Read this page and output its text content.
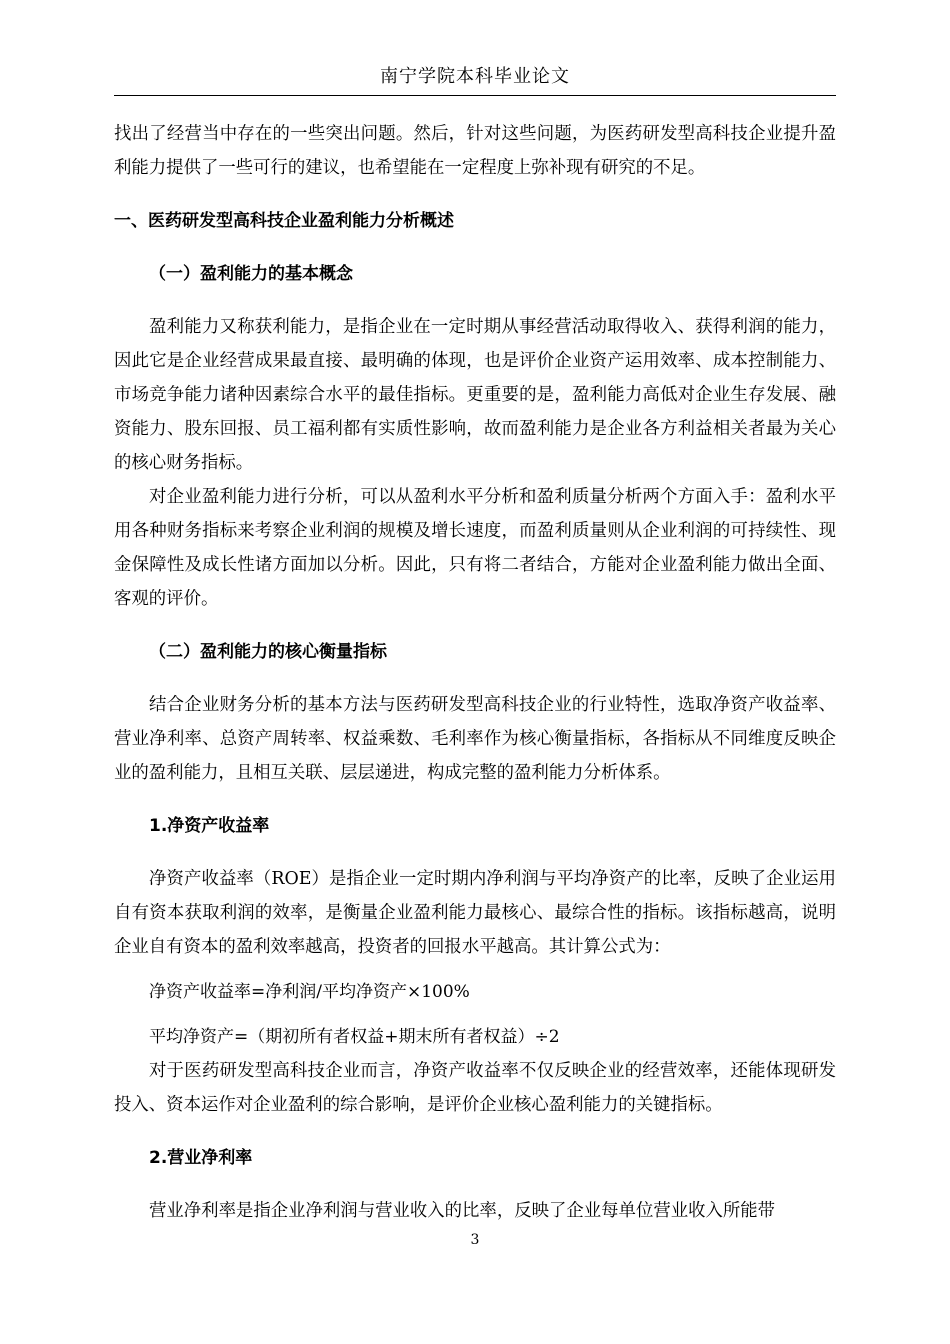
南宁学院本科毕业论文

找出了经营当中存在的一些突出问题。然后，针对这些问题，为医药研发型高科技企业提升盈利能力提供了一些可行的建议，也希望能在一定程度上弥补现有研究的不足。

一、医药研发型高科技企业盈利能力分析概述

（一）盈利能力的基本概念

盈利能力又称获利能力，是指企业在一定时期从事经营活动取得收入、获得利润的能力，因此它是企业经营成果最直接、最明确的体现，也是评价企业资产运用效率、成本控制能力、市场竞争能力诸种因素综合水平的最佳指标。更重要的是，盈利能力高低对企业生存发展、融资能力、股东回报、员工福利都有实质性影响，故而盈利能力是企业各方利益相关者最为关心的核心财务指标。

对企业盈利能力进行分析，可以从盈利水平分析和盈利质量分析两个方面入手：盈利水平用各种财务指标来考察企业利润的规模及增长速度，而盈利质量则从企业利润的可持续性、现金保障性及成长性诸方面加以分析。因此，只有将二者结合，方能对企业盈利能力做出全面、客观的评价。

（二）盈利能力的核心衡量指标

结合企业财务分析的基本方法与医药研发型高科技企业的行业特性，选取净资产收益率、营业净利率、总资产周转率、权益乘数、毛利率作为核心衡量指标，各指标从不同维度反映企业的盈利能力，且相互关联、层层递进，构成完整的盈利能力分析体系。

1.净资产收益率

净资产收益率（ROE）是指企业一定时期内净利润与平均净资产的比率，反映了企业运用自有资本获取利润的效率，是衡量企业盈利能力最核心、最综合性的指标。该指标越高，说明企业自有资本的盈利效率越高，投资者的回报水平越高。其计算公式为：

净资产收益率=净利润/平均净资产×100%

平均净资产=（期初所有者权益+期末所有者权益）÷2

对于医药研发型高科技企业而言，净资产收益率不仅反映企业的经营效率，还能体现研发投入、资本运作对企业盈利的综合影响，是评价企业核心盈利能力的关键指标。

2.营业净利率

营业净利率是指企业净利润与营业收入的比率，反映了企业每单位营业收入所能带

3
